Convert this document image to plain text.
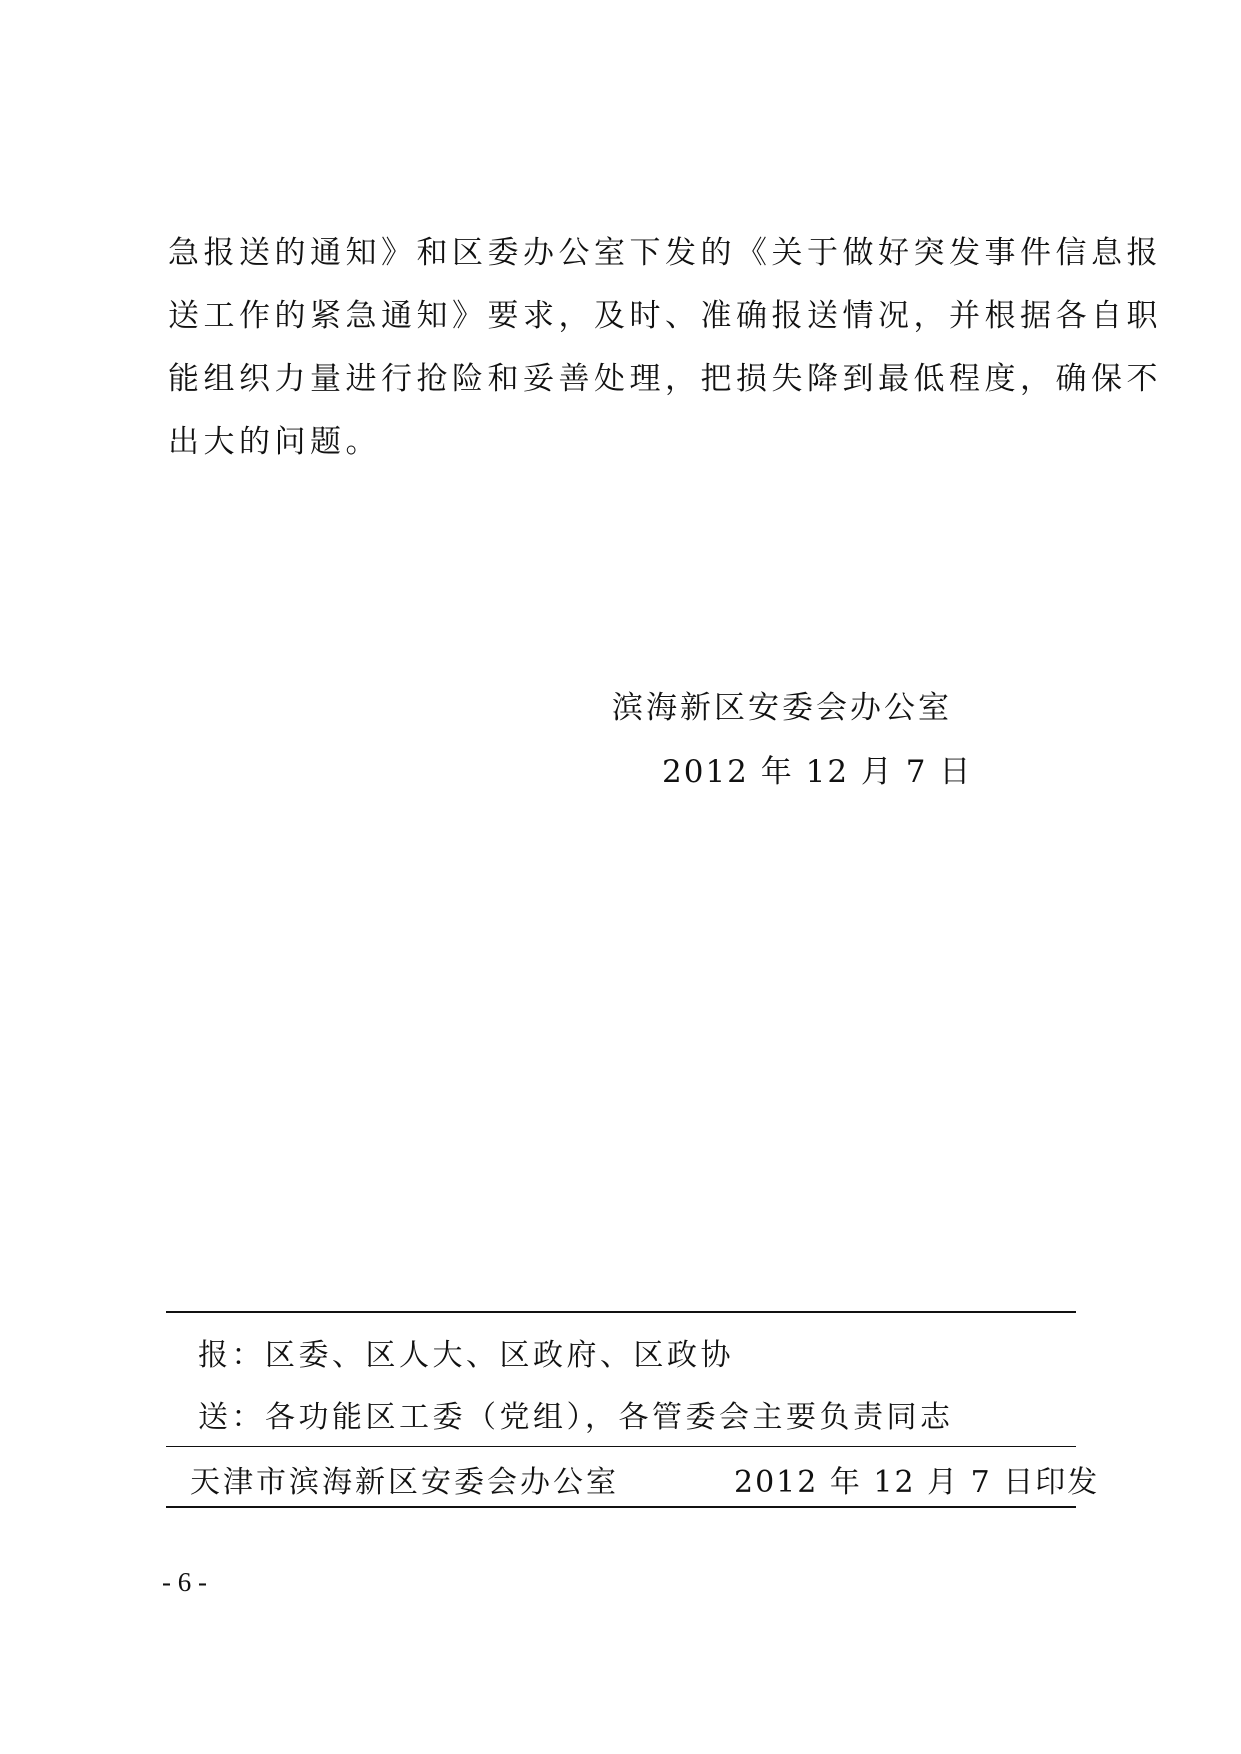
急报送的通知》和区委办公室下发的《关于做好突发事件信息报
送工作的紧急通知》要求，及时、准确报送情况，并根据各自职
能组织力量进行抢险和妥善处理，把损失降到最低程度，确保不
出大的问题。
滨海新区安委会办公室
2012 年 12 月 7 日
报：区委、区人大、区政府、区政协
送：各功能区工委（党组），各管委会主要负责同志
天津市滨海新区安委会办公室	2012 年 12 月 7 日印发
- 6 -
